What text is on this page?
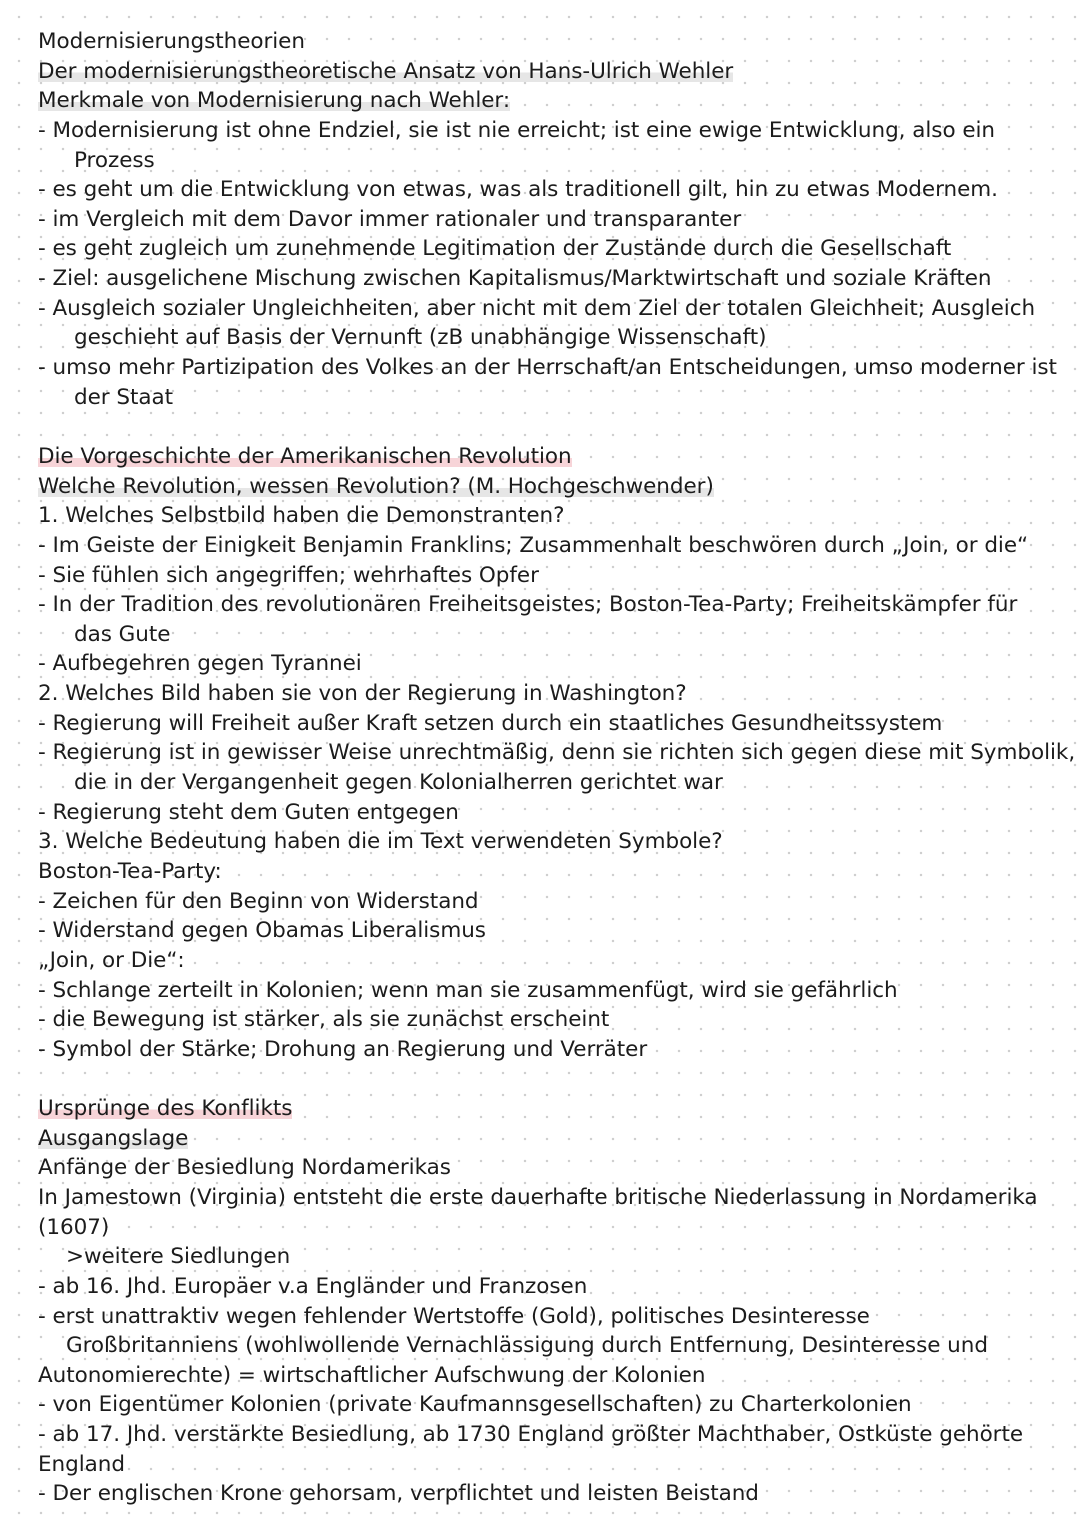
Modernisierungstheorien
Der modernisierungstheoretische Ansatz von Hans-Ulrich Wehler
Merkmale von Modernisierung nach Wehler:
- Modernisierung ist ohne Endziel, sie ist nie erreicht; ist eine ewige Entwicklung, also ein
Prozess
- es geht um die Entwicklung von etwas, was als traditionell gilt, hin zu etwas Modernem.
- im Vergleich mit dem Davor immer rationaler und transparanter
- es geht zugleich um zunehmende Legitimation der Zustände durch die Gesellschaft
- Ziel: ausgelichene Mischung zwischen Kapitalismus/Marktwirtschaft und soziale Kräften
- Ausgleich sozialer Ungleichheiten, aber nicht mit dem Ziel der totalen Gleichheit; Ausgleich
geschieht auf Basis der Vernunft (zB unabhängige Wissenschaft)
- umso mehr Partizipation des Volkes an der Herrschaft/an Entscheidungen, umso moderner ist
der Staat
Die Vorgeschichte der Amerikanischen Revolution
Welche Revolution, wessen Revolution? (M. Hochgeschwender)
1. Welches Selbstbild haben die Demonstranten?
- Im Geiste der Einigkeit Benjamin Franklins; Zusammenhalt beschwören durch „Join, or die“
- Sie fühlen sich angegriffen; wehrhaftes Opfer
- In der Tradition des revolutionären Freiheitsgeistes; Boston-Tea-Party; Freiheitskämpfer für
das Gute
- Aufbegehren gegen Tyrannei
2. Welches Bild haben sie von der Regierung in Washington?
- Regierung will Freiheit außer Kraft setzen durch ein staatliches Gesundheitssystem
- Regierung ist in gewisser Weise unrechtmäßig, denn sie richten sich gegen diese mit Symbolik,
die in der Vergangenheit gegen Kolonialherren gerichtet war
- Regierung steht dem Guten entgegen
3. Welche Bedeutung haben die im Text verwendeten Symbole?
Boston-Tea-Party:
- Zeichen für den Beginn von Widerstand
- Widerstand gegen Obamas Liberalismus
„Join, or Die“:
- Schlange zerteilt in Kolonien; wenn man sie zusammenfügt, wird sie gefährlich
- die Bewegung ist stärker, als sie zunächst erscheint
- Symbol der Stärke; Drohung an Regierung und Verräter
Ursprünge des Konflikts
Ausgangslage
Anfänge der Besiedlung Nordamerikas
In Jamestown (Virginia) entsteht die erste dauerhafte britische Niederlassung in Nordamerika
(1607)
>weitere Siedlungen
- ab 16. Jhd. Europäer v.a Engländer und Franzosen
- erst unattraktiv wegen fehlender Wertstoffe (Gold), politisches Desinteresse
Großbritanniens (wohlwollende Vernachlässigung durch Entfernung, Desinteresse und
Autonomierechte) = wirtschaftlicher Aufschwung der Kolonien
- von Eigentümer Kolonien (private Kaufmannsgesellschaften) zu Charterkolonien
- ab 17. Jhd. verstärkte Besiedlung, ab 1730 England größter Machthaber, Ostküste gehörte
England
- Der englischen Krone gehorsam, verpflichtet und leisten Beistand
